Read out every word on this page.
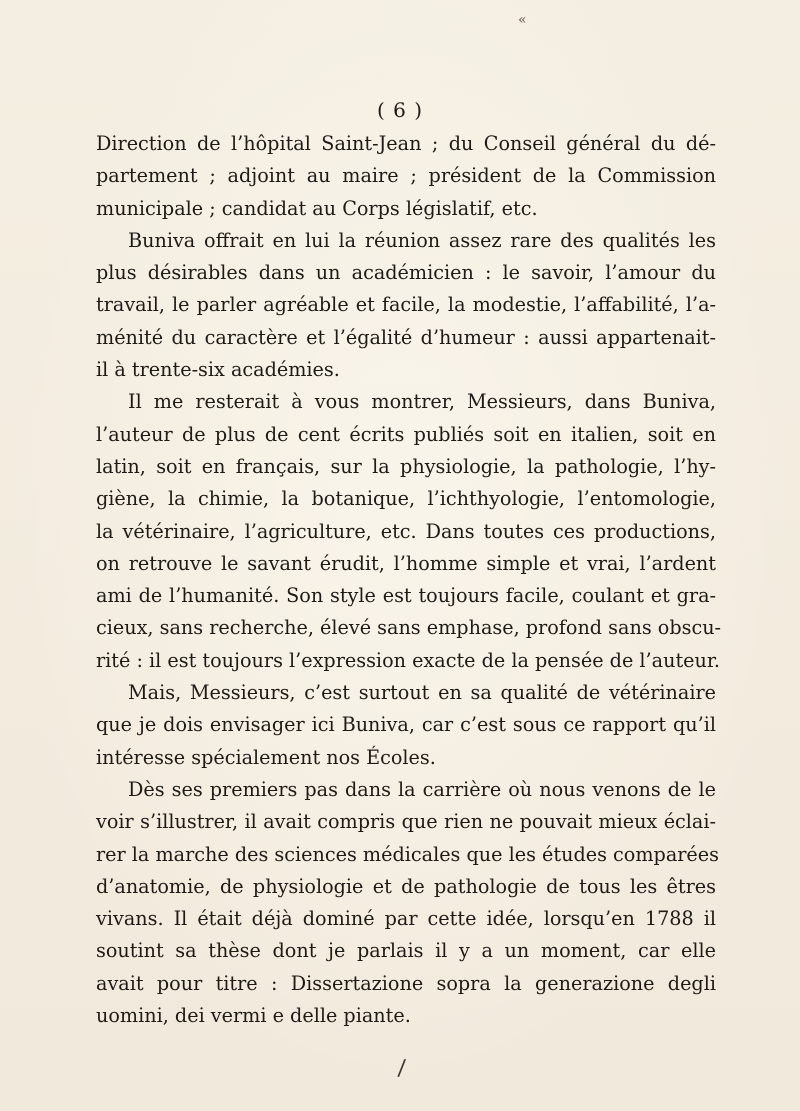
«
( 6 )
Direction de l’hôpital Saint-Jean ; du Conseil général du dé-
partement ; adjoint au maire ; président de la Commission
municipale ; candidat au Corps législatif, etc.
Buniva offrait en lui la réunion assez rare des qualités les
plus désirables dans un académicien : le savoir, l’amour du
travail, le parler agréable et facile, la modestie, l’affabilité, l’a-
ménité du caractère et l’égalité d’humeur : aussi appartenait-
il à trente-six académies.
Il me resterait à vous montrer, Messieurs, dans Buniva,
l’auteur de plus de cent écrits publiés soit en italien, soit en
latin, soit en français, sur la physiologie, la pathologie, l’hy-
giène, la chimie, la botanique, l’ichthyologie, l’entomologie,
la vétérinaire, l’agriculture, etc. Dans toutes ces productions,
on retrouve le savant érudit, l’homme simple et vrai, l’ardent
ami de l’humanité. Son style est toujours facile, coulant et gra-
cieux, sans recherche, élevé sans emphase, profond sans obscu-
rité : il est toujours l’expression exacte de la pensée de l’auteur.
Mais, Messieurs, c’est surtout en sa qualité de vétérinaire
que je dois envisager ici Buniva, car c’est sous ce rapport qu’il
intéresse spécialement nos Écoles.
Dès ses premiers pas dans la carrière où nous venons de le
voir s’illustrer, il avait compris que rien ne pouvait mieux éclai-
rer la marche des sciences médicales que les études comparées
d’anatomie, de physiologie et de pathologie de tous les êtres
vivans. Il était déjà dominé par cette idée, lorsqu’en 1788 il
soutint sa thèse dont je parlais il y a un moment, car elle
avait pour titre : Dissertazione sopra la generazione degli
uomini, dei vermi e delle piante.
/
